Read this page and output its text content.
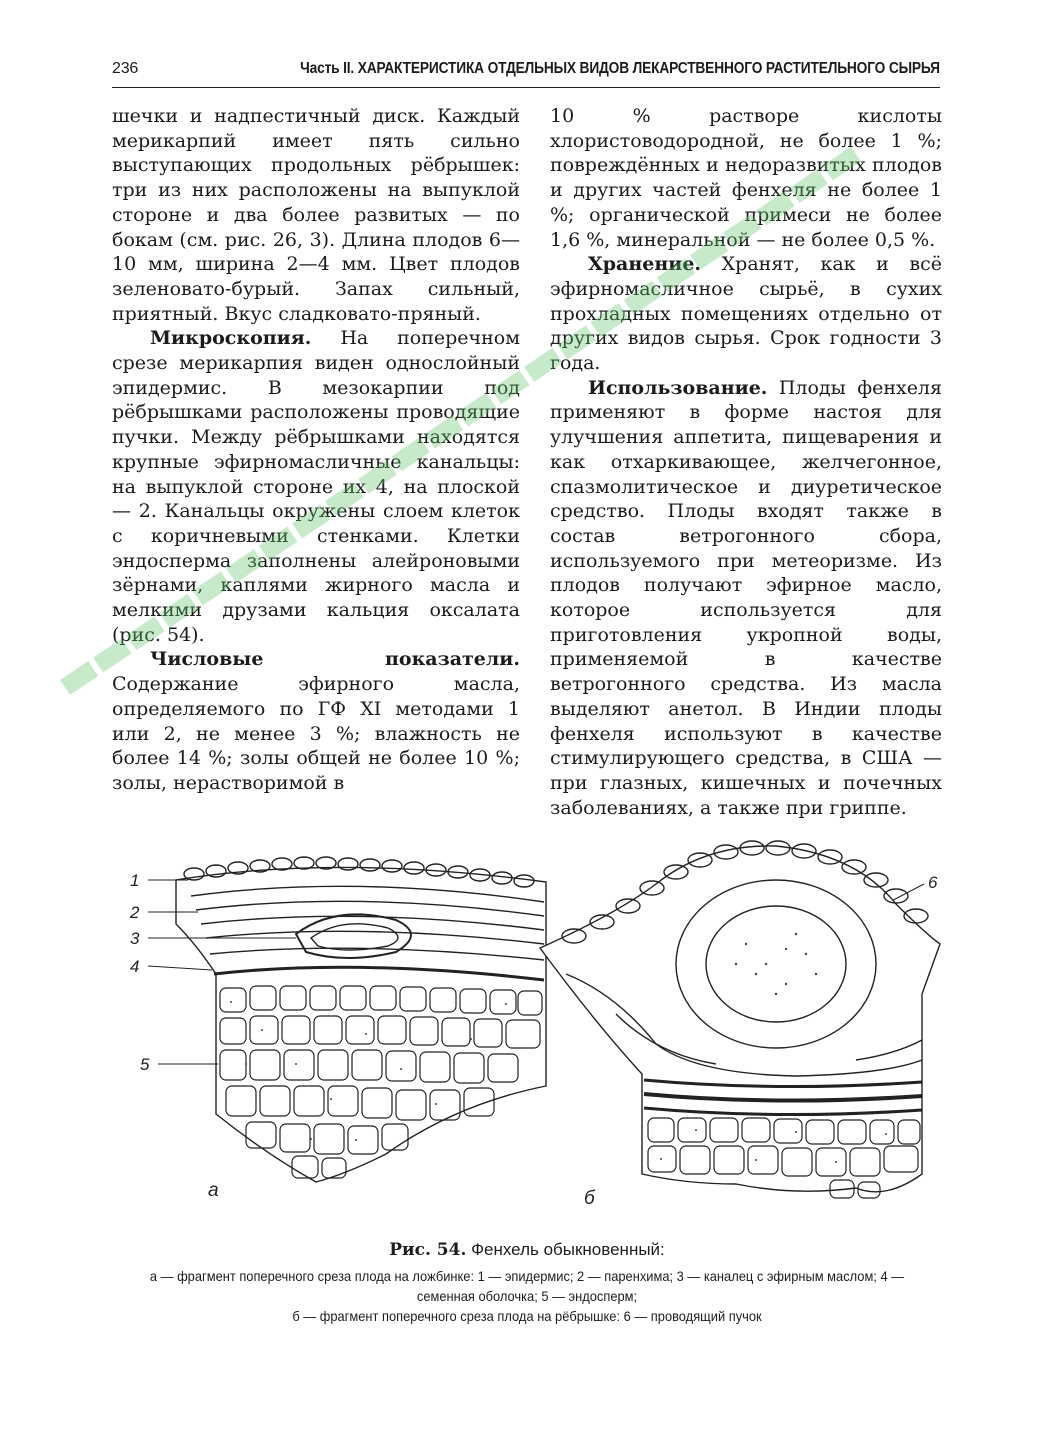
236	Часть II. ХАРАКТЕРИСТИКА ОТДЕЛЬНЫХ ВИДОВ ЛЕКАРСТВЕННОГО РАСТИТЕЛЬНОГО СЫРЬЯ

шечки и надпестичный диск. Каждый мерикарпий имеет пять сильно выступающих продольных рёбрышек: три из них расположены на выпуклой стороне и два более развитых — по бокам (см. рис. 26, 3). Длина плодов 6—10 мм, ширина 2—4 мм. Цвет плодов зеленовато-бурый. Запах сильный, приятный. Вкус сладковато-пряный.

Микроскопия. На поперечном срезе мерикарпия виден однослойный эпидермис. В мезокарпии под рёбрышками расположены проводящие пучки. Между рёбрышками находятся крупные эфирномасличные канальцы: на выпуклой стороне их 4, на плоской — 2. Канальцы окружены слоем клеток с коричневыми стенками. Клетки эндосперма заполнены алейроновыми зёрнами, каплями жирного масла и мелкими друзами кальция оксалата (рис. 54).

Числовые показатели. Содержание эфирного масла, определяемого по ГФ XI методами 1 или 2, не менее 3 %; влажность не более 14 %; золы общей не более 10 %; золы, нерастворимой в

10 % растворе кислоты хлористоводородной, не более 1 %; повреждённых и недоразвитых плодов и других частей фенхеля не более 1 %; органической примеси не более 1,6 %, минеральной — не более 0,5 %.

Хранение. Хранят, как и всё эфирномасличное сырьё, в сухих прохладных помещениях отдельно от других видов сырья. Срок годности 3 года.

Использование. Плоды фенхеля применяют в форме настоя для улучшения аппетита, пищеварения и как отхаркивающее, желчегонное, спазмолитическое и диуретическое средство. Плоды входят также в состав ветрогонного сбора, используемого при метеоризме. Из плодов получают эфирное масло, которое используется для приготовления укропной воды, применяемой в качестве ветрогонного средства. Из масла выделяют анетол. В Индии плоды фенхеля используют в качестве стимулирующего средства, в США — при глазных, кишечных и почечных заболеваниях, а также при гриппе.

1
2
3
4
5
6
а	б
Рис. 54. Фенхель обыкновенный:
а — фрагмент поперечного среза плода на ложбинке: 1 — эпидермис; 2 — паренхима; 3 — каналец с эфирным маслом; 4 — семенная оболочка; 5 — эндосперм;
б — фрагмент поперечного среза плода на рёбрышке: 6 — проводящий пучок
